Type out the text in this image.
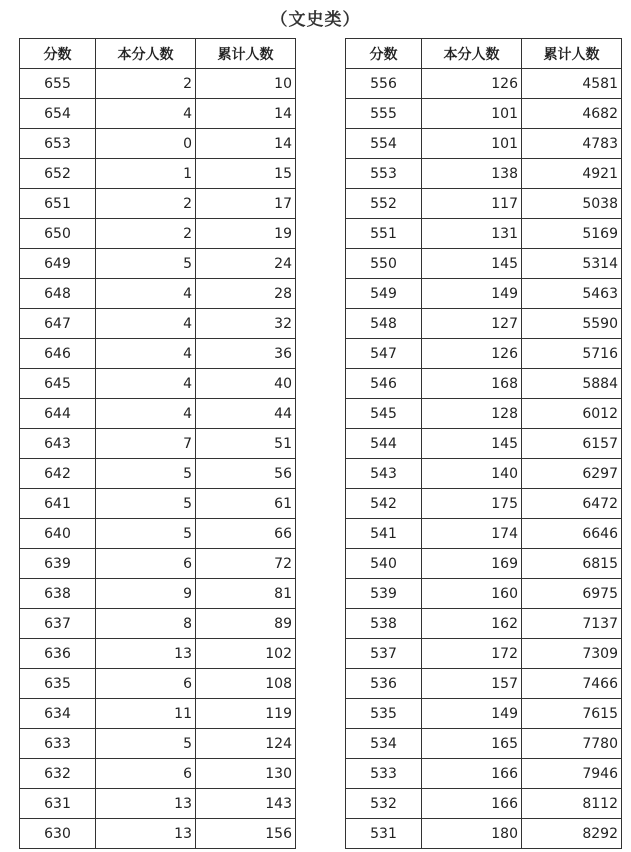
（文史类）
分数	本分人数	累计人数
655	2	10
654	4	14
653	0	14
652	1	15
651	2	17
650	2	19
649	5	24
648	4	28
647	4	32
646	4	36
645	4	40
644	4	44
643	7	51
642	5	56
641	5	61
640	5	66
639	6	72
638	9	81
637	8	89
636	13	102
635	6	108
634	11	119
633	5	124
632	6	130
631	13	143
630	13	156
分数	本分人数	累计人数
556	126	4581
555	101	4682
554	101	4783
553	138	4921
552	117	5038
551	131	5169
550	145	5314
549	149	5463
548	127	5590
547	126	5716
546	168	5884
545	128	6012
544	145	6157
543	140	6297
542	175	6472
541	174	6646
540	169	6815
539	160	6975
538	162	7137
537	172	7309
536	157	7466
535	149	7615
534	165	7780
533	166	7946
532	166	8112
531	180	8292
